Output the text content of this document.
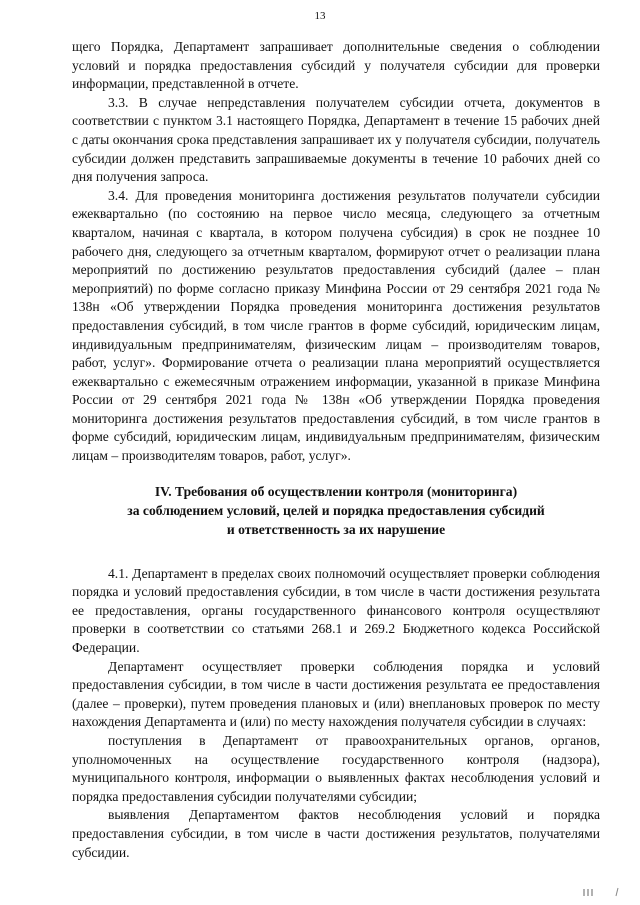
13

щего Порядка, Департамент запрашивает дополнительные сведения о соблюдении условий и порядка предоставления субсидий у получателя субсидии для проверки информации, представленной в отчете.

3.3. В случае непредставления получателем субсидии отчета, документов в соответствии с пунктом 3.1 настоящего Порядка, Департамент в течение 15 рабочих дней с даты окончания срока представления запрашивает их у получателя субсидии, получатель субсидии должен представить запрашиваемые документы в течение 10 рабочих дней со дня получения запроса.

3.4. Для проведения мониторинга достижения результатов получатели субсидии ежеквартально (по состоянию на первое число месяца, следующего за отчетным кварталом, начиная с квартала, в котором получена субсидия) в срок не позднее 10 рабочего дня, следующего за отчетным кварталом, формируют отчет о реализации плана мероприятий по достижению результатов предоставления субсидий (далее – план мероприятий) по форме согласно приказу Минфина России от 29 сентября 2021 года № 138н «Об утверждении Порядка проведения мониторинга достижения результатов предоставления субсидий, в том числе грантов в форме субсидий, юридическим лицам, индивидуальным предпринимателям, физическим лицам – производителям товаров, работ, услуг». Формирование отчета о реализации плана мероприятий осуществляется ежеквартально с ежемесячным отражением информации, указанной в приказе Минфина России от 29 сентября 2021 года № 138н «Об утверждении Порядка проведения мониторинга достижения результатов предоставления субсидий, в том числе грантов в форме субсидий, юридическим лицам, индивидуальным предпринимателям, физическим лицам – производителям товаров, работ, услуг».

IV. Требования об осуществлении контроля (мониторинга)
за соблюдением условий, целей и порядка предоставления субсидий
и ответственность за их нарушение

4.1. Департамент в пределах своих полномочий осуществляет проверки соблюдения порядка и условий предоставления субсидии, в том числе в части достижения результата ее предоставления, органы государственного финансового контроля осуществляют проверки в соответствии со статьями 268.1 и 269.2 Бюджетного кодекса Российской Федерации.

Департамент осуществляет проверки соблюдения порядка и условий предоставления субсидии, в том числе в части достижения результата ее предоставления (далее – проверки), путем проведения плановых и (или) внеплановых проверок по месту нахождения Департамента и (или) по месту нахождения получателя субсидии в случаях:

поступления в Департамент от правоохранительных органов, органов, уполномоченных на осуществление государственного контроля (надзора), муниципального контроля, информации о выявленных фактах несоблюдения условий и порядка предоставления субсидии получателями субсидии;

выявления Департаментом фактов несоблюдения условий и порядка предоставления субсидии, в том числе в части достижения результатов, получателями субсидии.
